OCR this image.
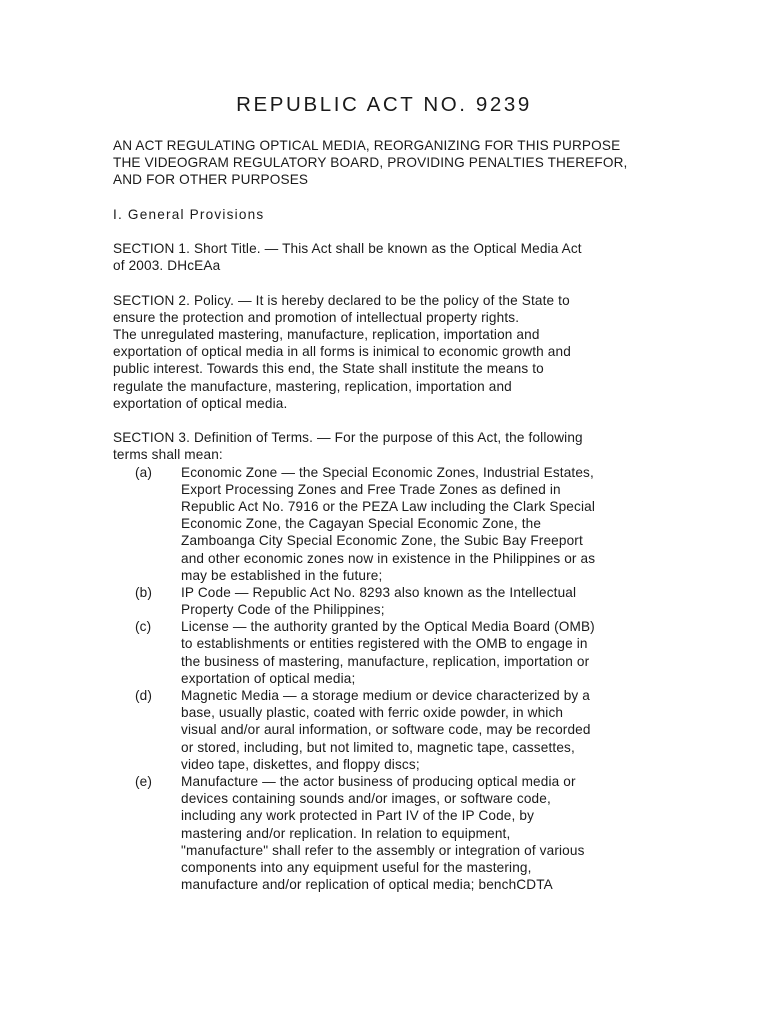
REPUBLIC ACT NO. 9239
AN ACT REGULATING OPTICAL MEDIA, REORGANIZING FOR THIS PURPOSE
THE VIDEOGRAM REGULATORY BOARD, PROVIDING PENALTIES THEREFOR,
AND FOR OTHER PURPOSES
I. General Provisions
SECTION 1. Short Title. — This Act shall be known as the Optical Media Act
of 2003. DHcEAa
SECTION 2. Policy. — It is hereby declared to be the policy of the State to
ensure the protection and promotion of intellectual property rights.
The unregulated mastering, manufacture, replication, importation and
exportation of optical media in all forms is inimical to economic growth and
public interest. Towards this end, the State shall institute the means to
regulate the manufacture, mastering, replication, importation and
exportation of optical media.
SECTION 3. Definition of Terms. — For the purpose of this Act, the following
terms shall mean:
(a) Economic Zone — the Special Economic Zones, Industrial Estates,
Export Processing Zones and Free Trade Zones as defined in
Republic Act No. 7916 or the PEZA Law including the Clark Special
Economic Zone, the Cagayan Special Economic Zone, the
Zamboanga City Special Economic Zone, the Subic Bay Freeport
and other economic zones now in existence in the Philippines or as
may be established in the future;
(b) IP Code — Republic Act No. 8293 also known as the Intellectual
Property Code of the Philippines;
(c) License — the authority granted by the Optical Media Board (OMB)
to establishments or entities registered with the OMB to engage in
the business of mastering, manufacture, replication, importation or
exportation of optical media;
(d) Magnetic Media — a storage medium or device characterized by a
base, usually plastic, coated with ferric oxide powder, in which
visual and/or aural information, or software code, may be recorded
or stored, including, but not limited to, magnetic tape, cassettes,
video tape, diskettes, and floppy discs;
(e) Manufacture — the actor business of producing optical media or
devices containing sounds and/or images, or software code,
including any work protected in Part IV of the IP Code, by
mastering and/or replication. In relation to equipment,
"manufacture" shall refer to the assembly or integration of various
components into any equipment useful for the mastering,
manufacture and/or replication of optical media; benchCDTA
